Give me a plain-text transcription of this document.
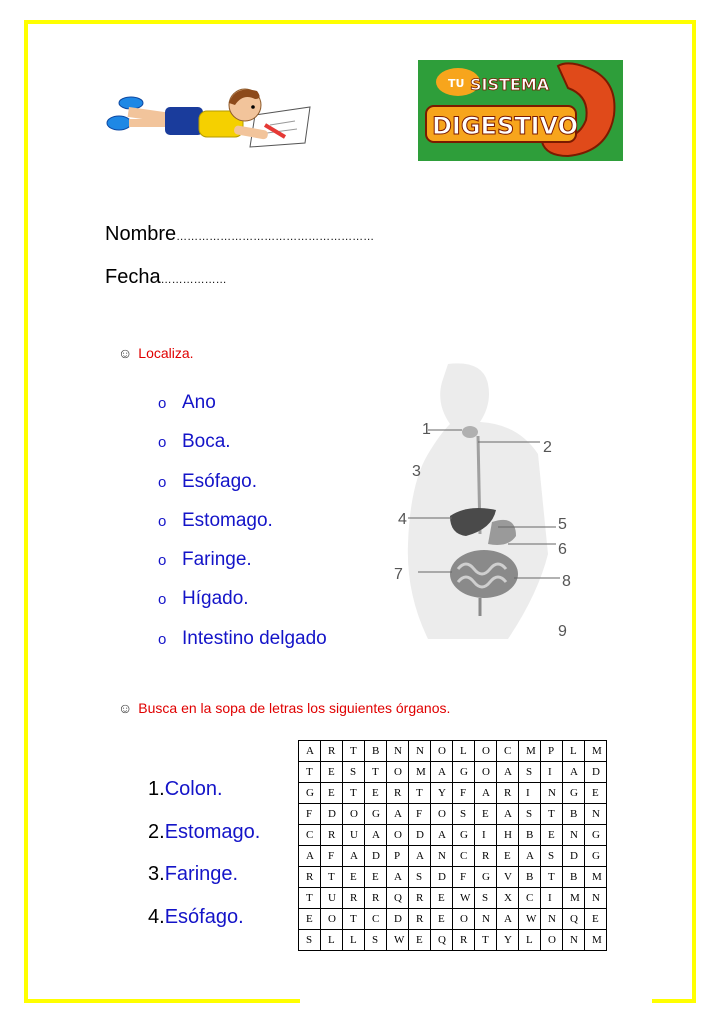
TU SISTEMA
DIGESTIVO
Nombre………………………………………………
Fecha………………
☺ Localiza.
o Ano
o Boca.
o Esófago.
o Estomago.
o Faringe.
o Hígado.
o Intestino delgado
1
2
3
4	5
6
7	8
9
☺ Busca en la sopa de letras los siguientes órganos.
1.Colon.
2.Estomago.
3.Faringe.
4.Esófago.
A	R	T	B	N	N	O	L	O	C	M	P	L	M
T	E	S	T	O	M	A	G	O	A	S	I	A	D
G	E	T	E	R	T	Y	F	A	R	I	N	G	E
F	D	O	G	A	F	O	S	E	A	S	T	B	N
C	R	U	A	O	D	A	G	I	H	B	E	N	G
A	F	A	D	P	A	N	C	R	E	A	S	D	G
R	T	E	E	A	S	D	F	G	V	B	T	B	M
T	U	R	R	Q	R	E	W	S	X	C	I	M	N
E	O	T	C	D	R	E	O	N	A	W	N	Q	E
S	L	L	S	W	E	Q	R	T	Y	L	O	N	M
